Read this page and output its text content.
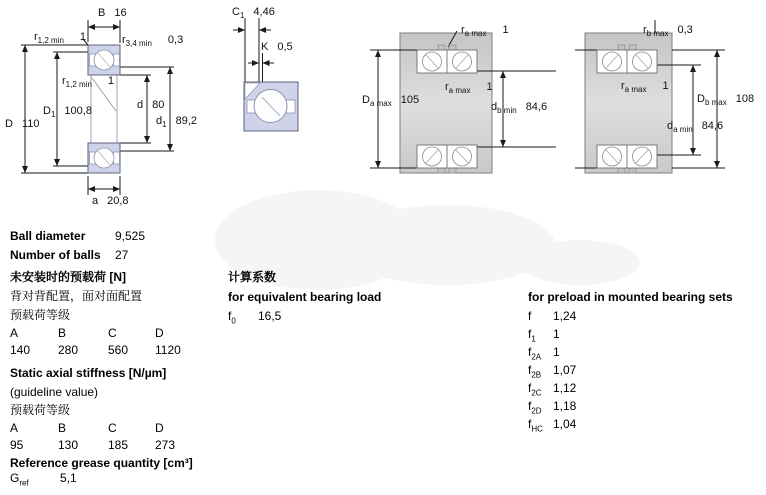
B 16
$r_{1,2 min}$ 1	$r_{3,4 min}$ 0,3
$r_{1,2 min}$ 1
$D_1$ 100,8	d 80
$d_1$ 89,2
D 110
a 20,8
$C_1$ 4,46
K 0,5
$r_{a max}$ 1
$r_{a max}$ 1
$D_{a max}$ 105
$d_{b min}$ 84,6
$r_{b max}$ 0,3
$r_{a max}$ 1
$D_{b max}$ 108
$d_{a min}$ 84,6
Ball diameter 9,525
Number of balls 27
未安装时的预载荷 [N]
背对背配置，面对面配置
预载荷等级
A	B	C	D
140 280 560 1120
Static axial stiffness [N/µm]
(guideline value)
预载荷等级
A	B	C	D
95	130 185 273
Reference grease quantity [cm³]
$G_{ref}$	5,1
计算系数
for equivalent bearing load
$f_0$ 16,5
for preload in mounted bearing sets
f 1,24
$f_1$ 1
$f_{2A}$ 1
$f_{2B}$ 1,07
$f_{2C}$ 1,12
$f_{2D}$ 1,18
$f_{HC}$ 1,04
